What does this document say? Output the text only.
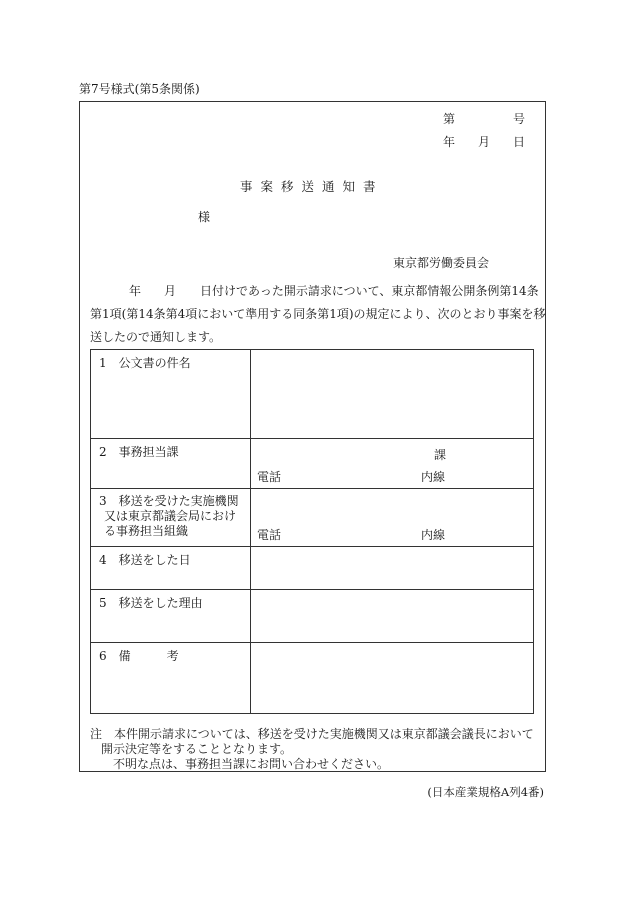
第7号様式(第5条関係)
第	号
年 月 日
事案移送通知書
様
東京都労働委員会
年 月 日付けであった開示請求について、東京都情報公開条例第14条
第1項(第14条第4項において準用する同条第1項)の規定により、次のとおり事案を移
送したので通知します。
1　公文書の件名	

2　事務担当課	課
電話 内線

3　移送を受けた実施機関

又は東京都議会局におけ
る事務担当組織	電話 内線

4　移送をした日	

5　移送をした理由	

6　備 考	

注　本件開示請求については、移送を受けた実施機関又は東京都議会議長において
開示決定等をすることとなります。
不明な点は、事務担当課にお問い合わせください。
(日本産業規格A列4番)
